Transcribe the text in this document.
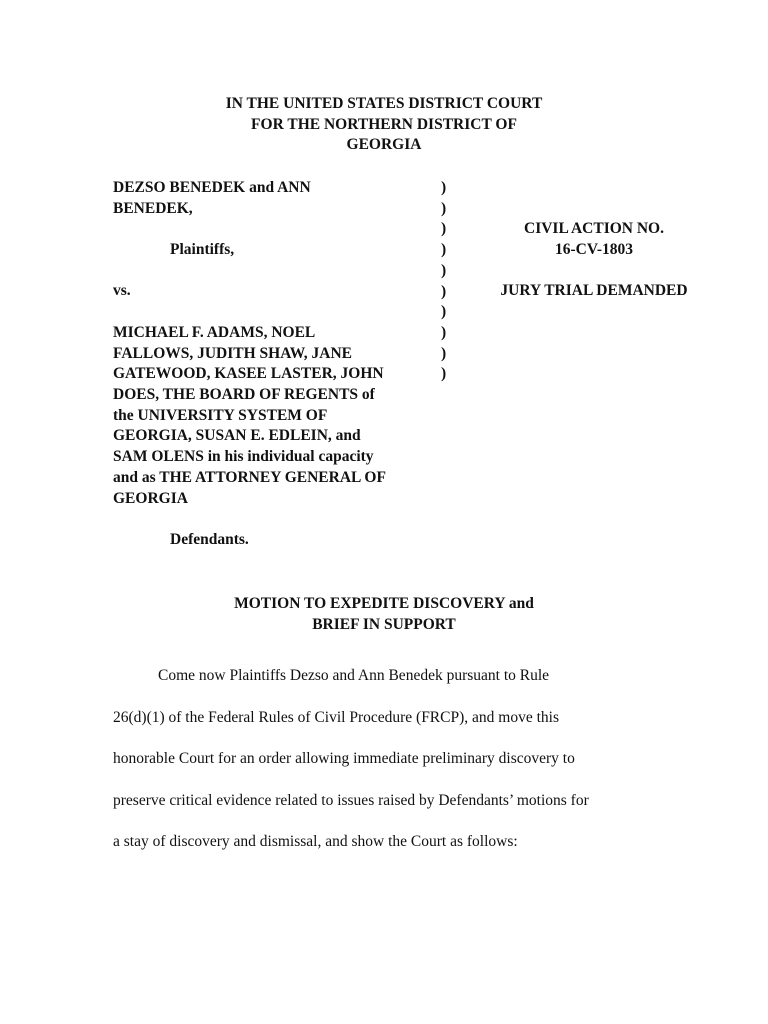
IN THE UNITED STATES DISTRICT COURT
FOR THE NORTHERN DISTRICT OF
GEORGIA
DEZSO BENEDEK and ANN
BENEDEK,
Plaintiffs,
vs.
MICHAEL F. ADAMS, NOEL
FALLOWS, JUDITH SHAW, JANE
GATEWOOD, KASEE LASTER, JOHN
DOES, THE BOARD OF REGENTS of
the UNIVERSITY SYSTEM OF
GEORGIA, SUSAN E. EDLEIN, and
SAM OLENS in his individual capacity
and as THE ATTORNEY GENERAL OF
GEORGIA
Defendants.
)
)
)
)
)
)
)
)
)
)
CIVIL ACTION NO.
16-CV-1803
JURY TRIAL DEMANDED
MOTION TO EXPEDITE DISCOVERY and
BRIEF IN SUPPORT
Come now Plaintiffs Dezso and Ann Benedek pursuant to Rule
26(d)(1) of the Federal Rules of Civil Procedure (FRCP), and move this
honorable Court for an order allowing immediate preliminary discovery to
preserve critical evidence related to issues raised by Defendants’ motions for
a stay of discovery and dismissal, and show the Court as follows:
